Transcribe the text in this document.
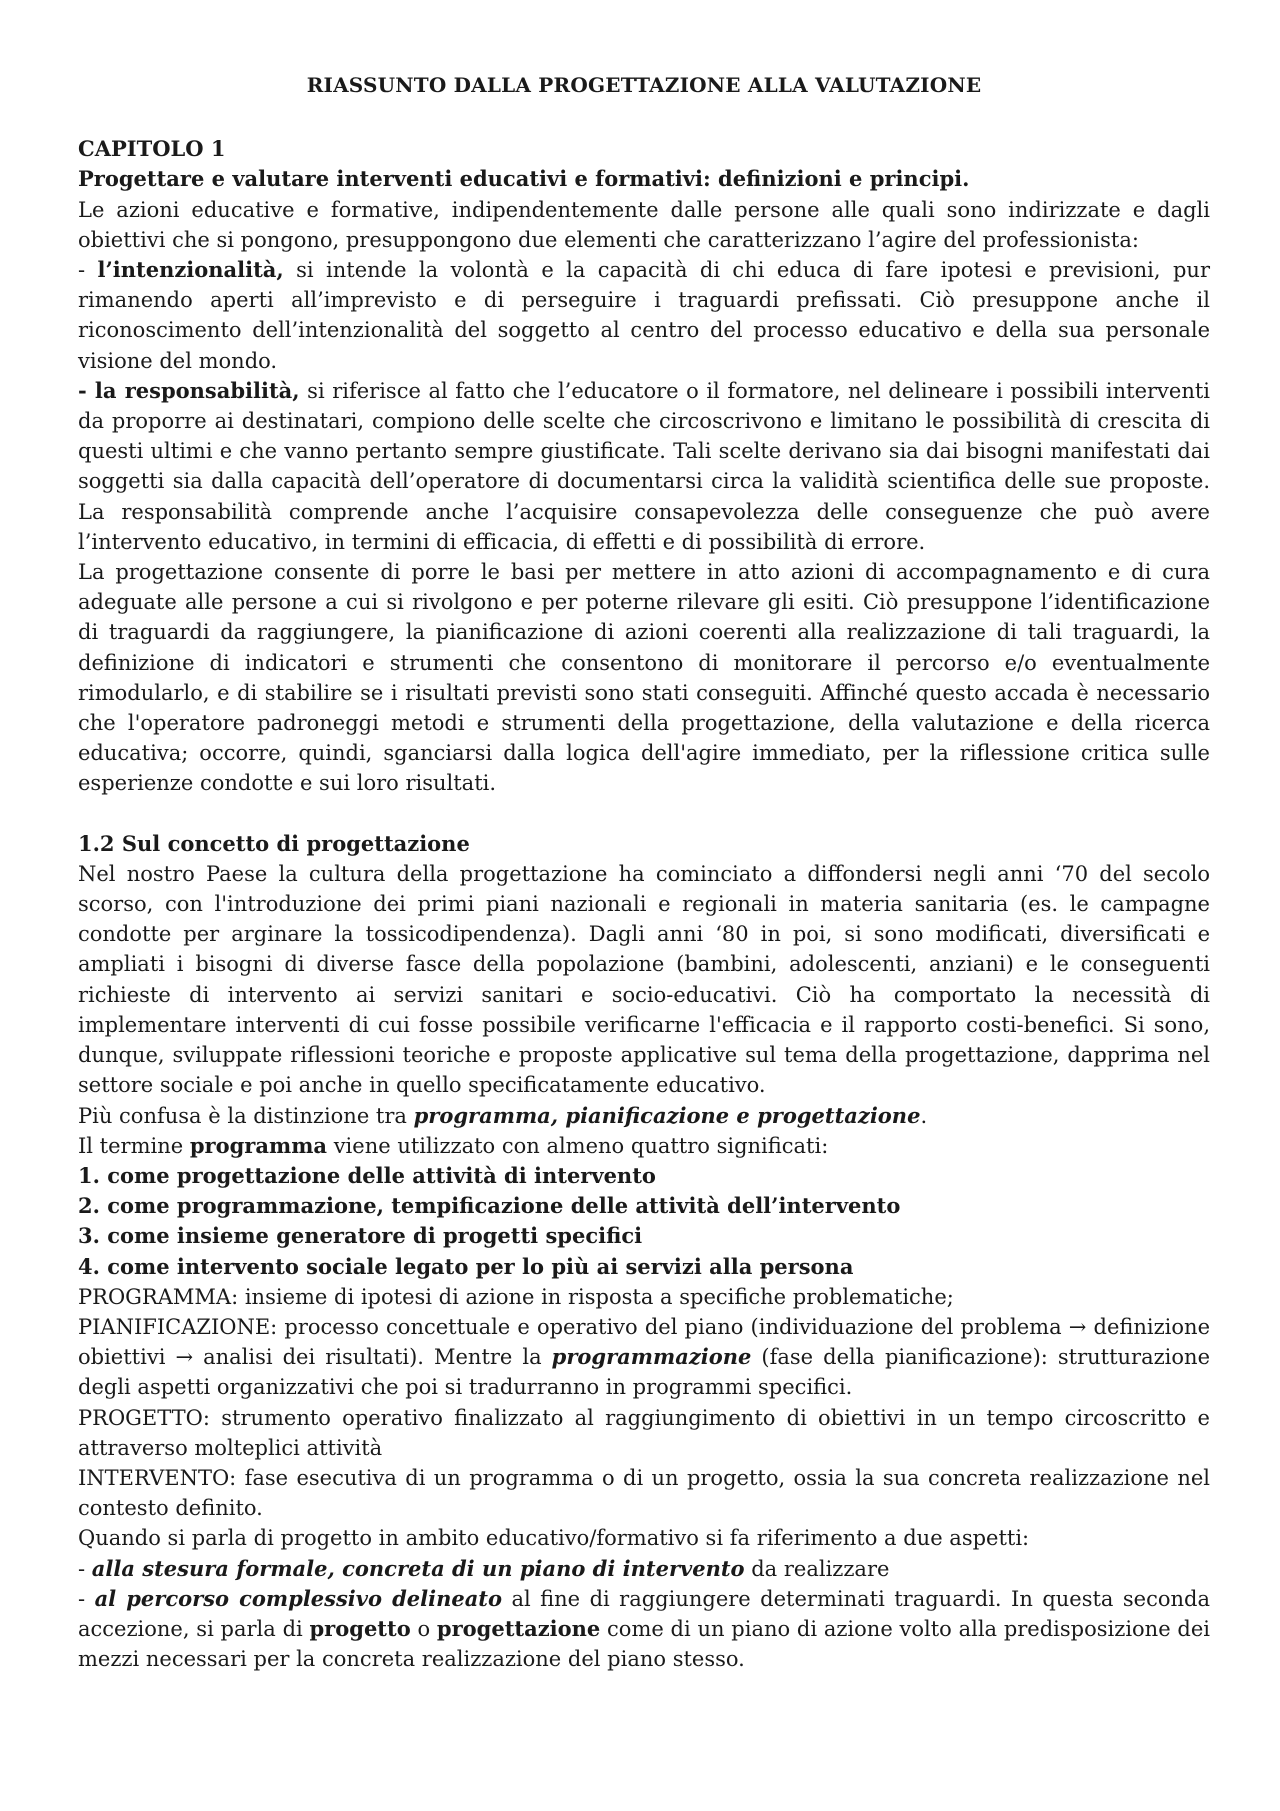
RIASSUNTO DALLA PROGETTAZIONE ALLA VALUTAZIONE

CAPITOLO 1

Progettare e valutare interventi educativi e formativi: definizioni e principi.

Le azioni educative e formative, indipendentemente dalle persone alle quali sono indirizzate e dagli obiettivi che si pongono, presuppongono due elementi che caratterizzano l’agire del professionista:

- l’intenzionalità, si intende la volontà e la capacità di chi educa di fare ipotesi e previsioni, pur rimanendo aperti all’imprevisto e di perseguire i traguardi prefissati. Ciò presuppone anche il riconoscimento dell’intenzionalità del soggetto al centro del processo educativo e della sua personale visione del mondo.

- la responsabilità, si riferisce al fatto che l’educatore o il formatore, nel delineare i possibili interventi da proporre ai destinatari, compiono delle scelte che circoscrivono e limitano le possibilità di crescita di questi ultimi e che vanno pertanto sempre giustificate. Tali scelte derivano sia dai bisogni manifestati dai soggetti sia dalla capacità dell’operatore di documentarsi circa la validità scientifica delle sue proposte. La responsabilità comprende anche l’acquisire consapevolezza delle conseguenze che può avere l’intervento educativo, in termini di efficacia, di effetti e di possibilità di errore.

La progettazione consente di porre le basi per mettere in atto azioni di accompagnamento e di cura adeguate alle persone a cui si rivolgono e per poterne rilevare gli esiti. Ciò presuppone l’identificazione di traguardi da raggiungere, la pianificazione di azioni coerenti alla realizzazione di tali traguardi, la definizione di indicatori e strumenti che consentono di monitorare il percorso e/o eventualmente rimodularlo, e di stabilire se i risultati previsti sono stati conseguiti. Affinché questo accada è necessario che l'operatore padroneggi metodi e strumenti della progettazione, della valutazione e della ricerca educativa; occorre, quindi, sganciarsi dalla logica dell'agire immediato, per la riflessione critica sulle esperienze condotte e sui loro risultati.

1.2 Sul concetto di progettazione

Nel nostro Paese la cultura della progettazione ha cominciato a diffondersi negli anni ‘70 del secolo scorso, con l'introduzione dei primi piani nazionali e regionali in materia sanitaria (es. le campagne condotte per arginare la tossicodipendenza). Dagli anni ‘80 in poi, si sono modificati, diversificati e ampliati i bisogni di diverse fasce della popolazione (bambini, adolescenti, anziani) e le conseguenti richieste di intervento ai servizi sanitari e socio-educativi. Ciò ha comportato la necessità di implementare interventi di cui fosse possibile verificarne l'efficacia e il rapporto costi-benefici. Si sono, dunque, sviluppate riflessioni teoriche e proposte applicative sul tema della progettazione, dapprima nel settore sociale e poi anche in quello specificatamente educativo.

Più confusa è la distinzione tra programma, pianificazione e progettazione.

Il termine programma viene utilizzato con almeno quattro significati:

1. come progettazione delle attività di intervento

2. come programmazione, tempificazione delle attività dell’intervento

3. come insieme generatore di progetti specifici

4. come intervento sociale legato per lo più ai servizi alla persona

PROGRAMMA: insieme di ipotesi di azione in risposta a specifiche problematiche;

PIANIFICAZIONE: processo concettuale e operativo del piano (individuazione del problema → definizione obiettivi → analisi dei risultati). Mentre la programmazione (fase della pianificazione): strutturazione degli aspetti organizzativi che poi si tradurranno in programmi specifici.

PROGETTO: strumento operativo finalizzato al raggiungimento di obiettivi in un tempo circoscritto e attraverso molteplici attività

INTERVENTO: fase esecutiva di un programma o di un progetto, ossia la sua concreta realizzazione nel contesto definito.

Quando si parla di progetto in ambito educativo/formativo si fa riferimento a due aspetti:

- alla stesura formale, concreta di un piano di intervento da realizzare

- al percorso complessivo delineato al fine di raggiungere determinati traguardi. In questa seconda accezione, si parla di progetto o progettazione come di un piano di azione volto alla predisposizione dei mezzi necessari per la concreta realizzazione del piano stesso.
